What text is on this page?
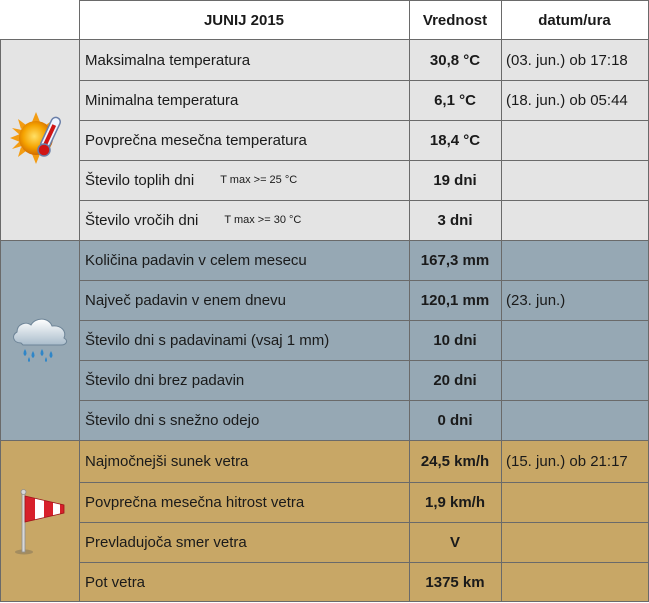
JUNIJ 2015	Vrednost	datum/ura
Maksimalna temperatura	30,8 °C	(03. jun.) ob 17:18
Minimalna temperatura	6,1 °C	(18. jun.) ob 05:44
Povprečna mesečna temperatura	18,4 °C
Število toplih dni T max >= 25 °C	19 dni
Število vročih dni T max >= 30 °C	3 dni
Količina padavin v celem mesecu	167,3 mm
Največ padavin v enem dnevu	120,1 mm	(23. jun.)
Število dni s padavinami (vsaj 1 mm)	10 dni
Število dni brez padavin	20 dni
Število dni s snežno odejo	0 dni
Najmočnejši sunek vetra	24,5 km/h	(15. jun.) ob 21:17
Povprečna mesečna hitrost vetra	1,9 km/h
Prevladujoča smer vetra	V
Pot vetra	1375 km
